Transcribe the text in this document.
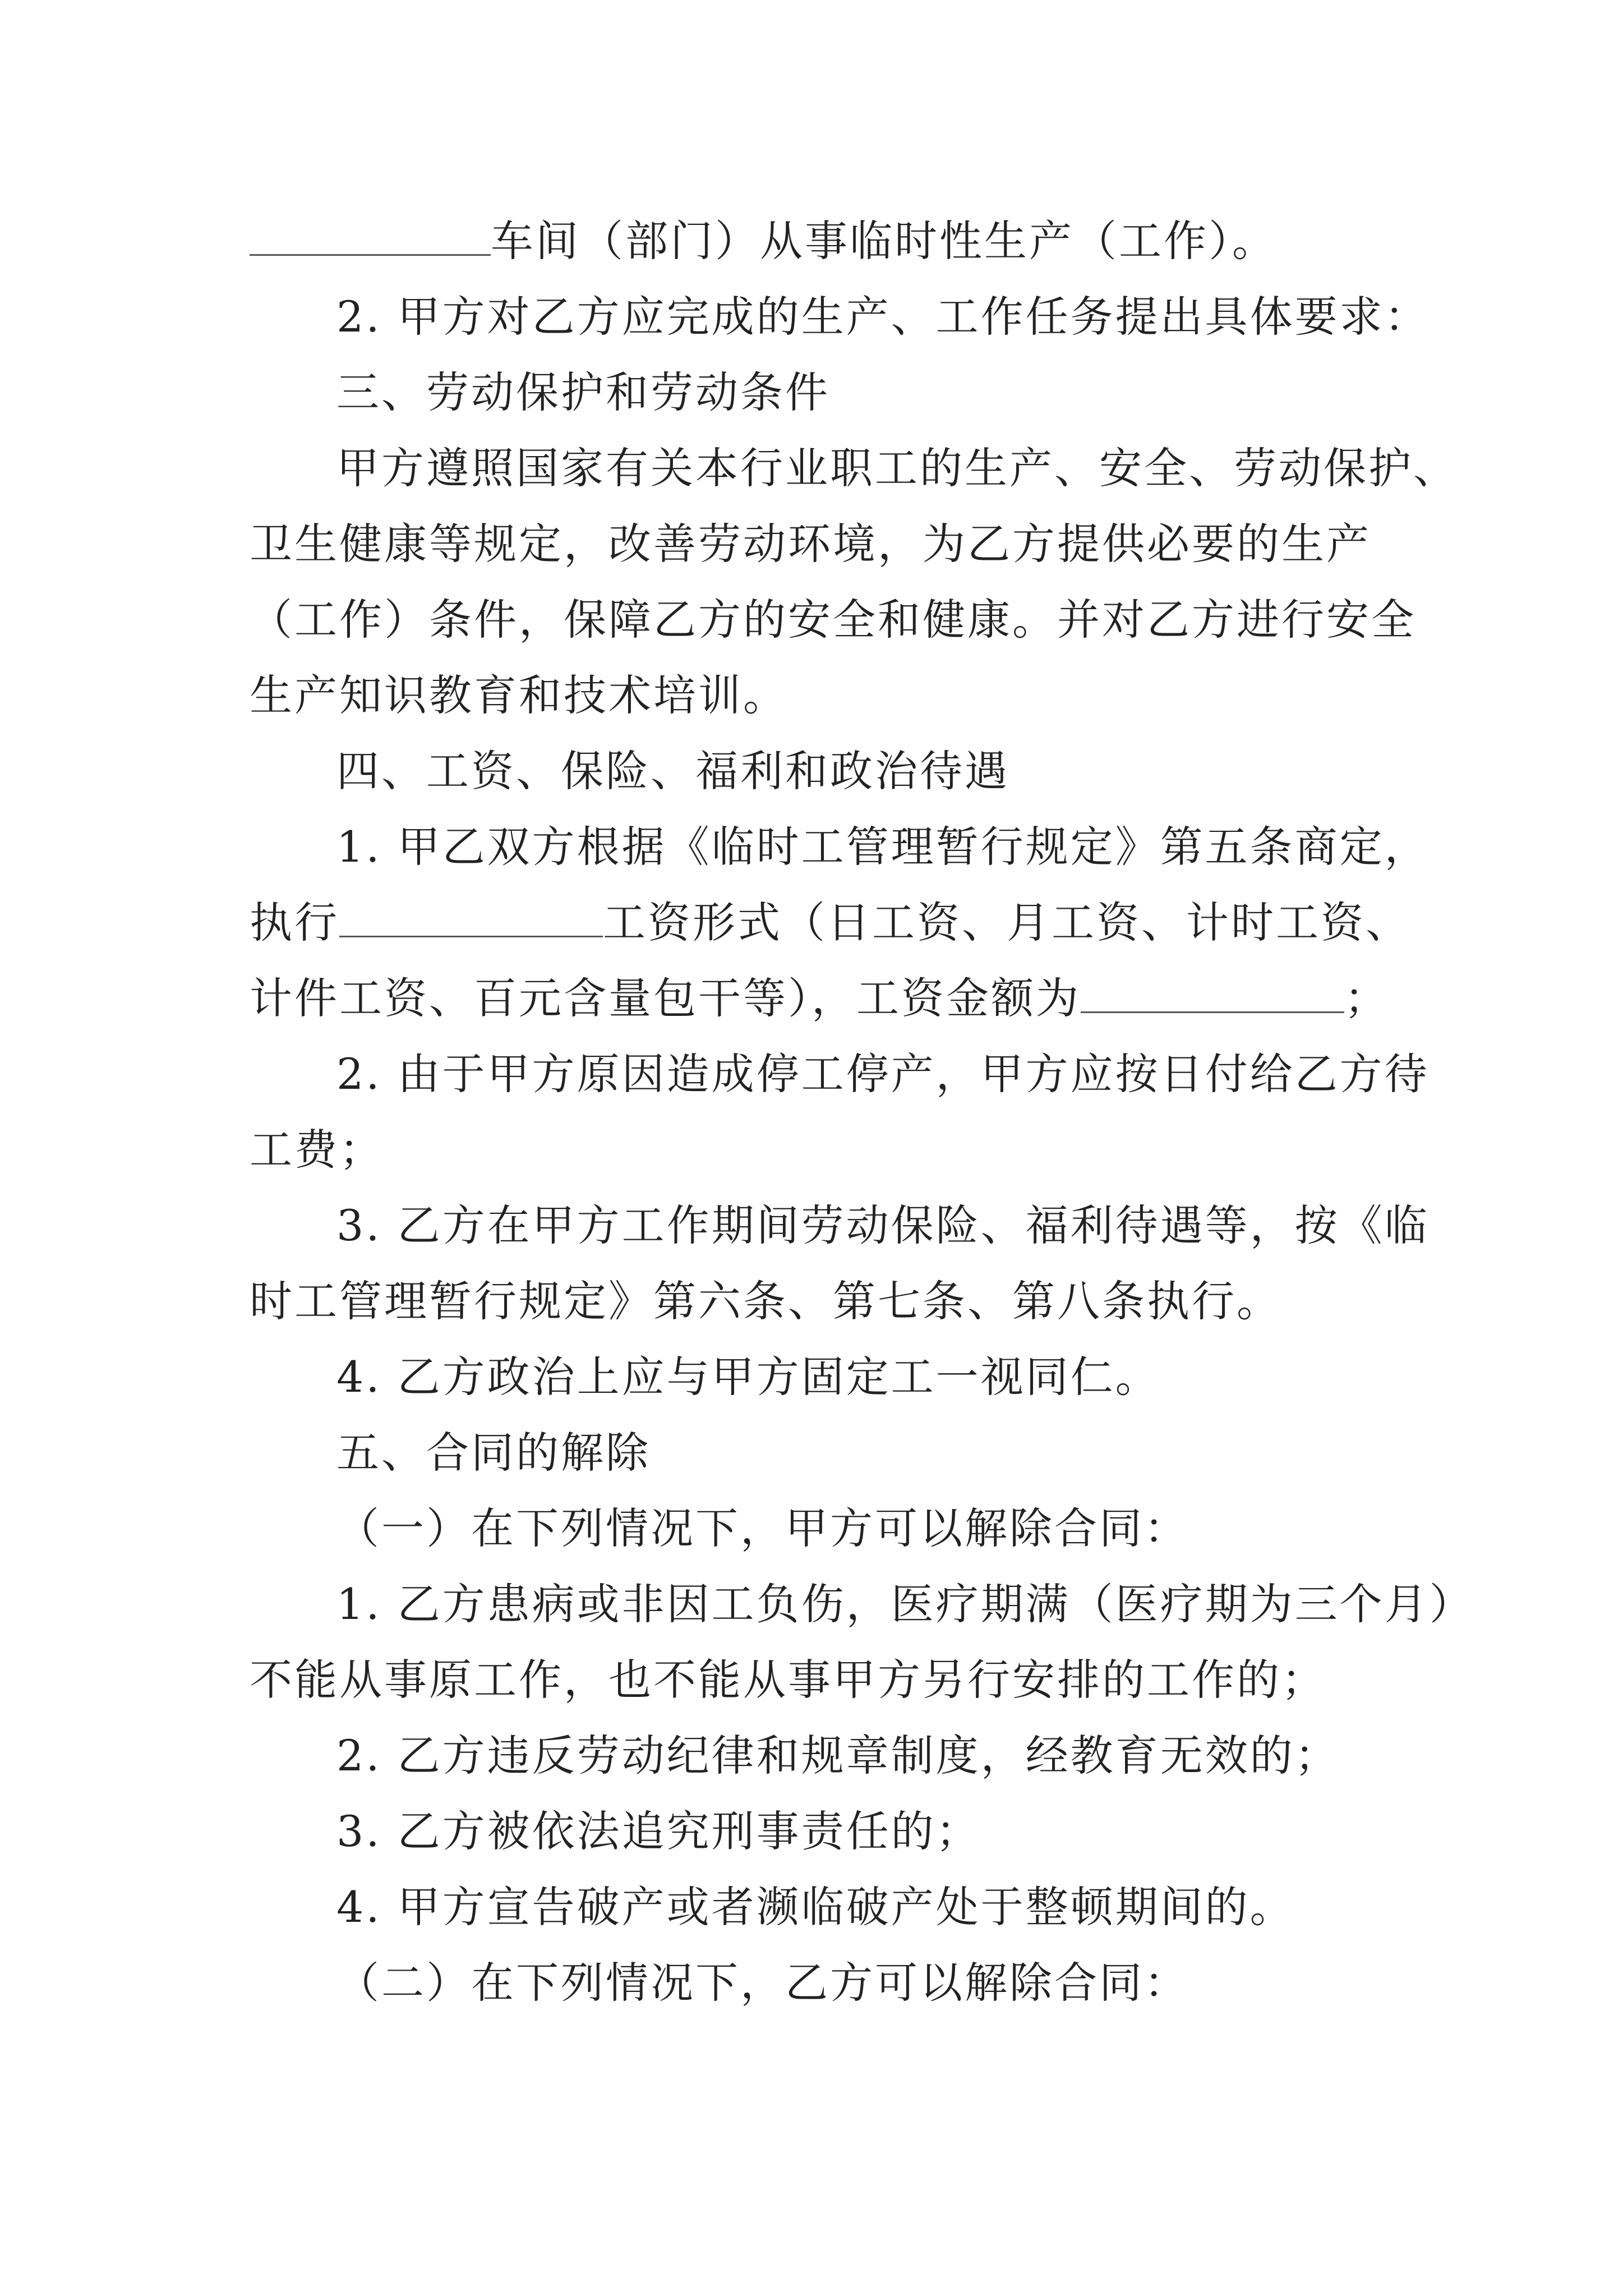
车间（部门）从事临时性生产（工作）。
2. 甲方对乙方应完成的生产、工作任务提出具体要求：
三、劳动保护和劳动条件
甲方遵照国家有关本行业职工的生产、安全、劳动保护、
卫生健康等规定，改善劳动环境，为乙方提供必要的生产
（工作）条件，保障乙方的安全和健康。并对乙方进行安全
生产知识教育和技术培训。
四、工资、保险、福利和政治待遇
1. 甲乙双方根据《临时工管理暂行规定》第五条商定，
执行	工资形式（日工资、月工资、计时工资、
计件工资、百元含量包干等），工资金额为	；
2. 由于甲方原因造成停工停产，甲方应按日付给乙方待
工费；
3. 乙方在甲方工作期间劳动保险、福利待遇等，按《临
时工管理暂行规定》第六条、第七条、第八条执行。
4. 乙方政治上应与甲方固定工一视同仁。
五、合同的解除
（一）在下列情况下，甲方可以解除合同：
1. 乙方患病或非因工负伤，医疗期满（医疗期为三个月）
不能从事原工作，也不能从事甲方另行安排的工作的；
2. 乙方违反劳动纪律和规章制度，经教育无效的；
3. 乙方被依法追究刑事责任的；
4. 甲方宣告破产或者濒临破产处于整顿期间的。
（二）在下列情况下，乙方可以解除合同：
